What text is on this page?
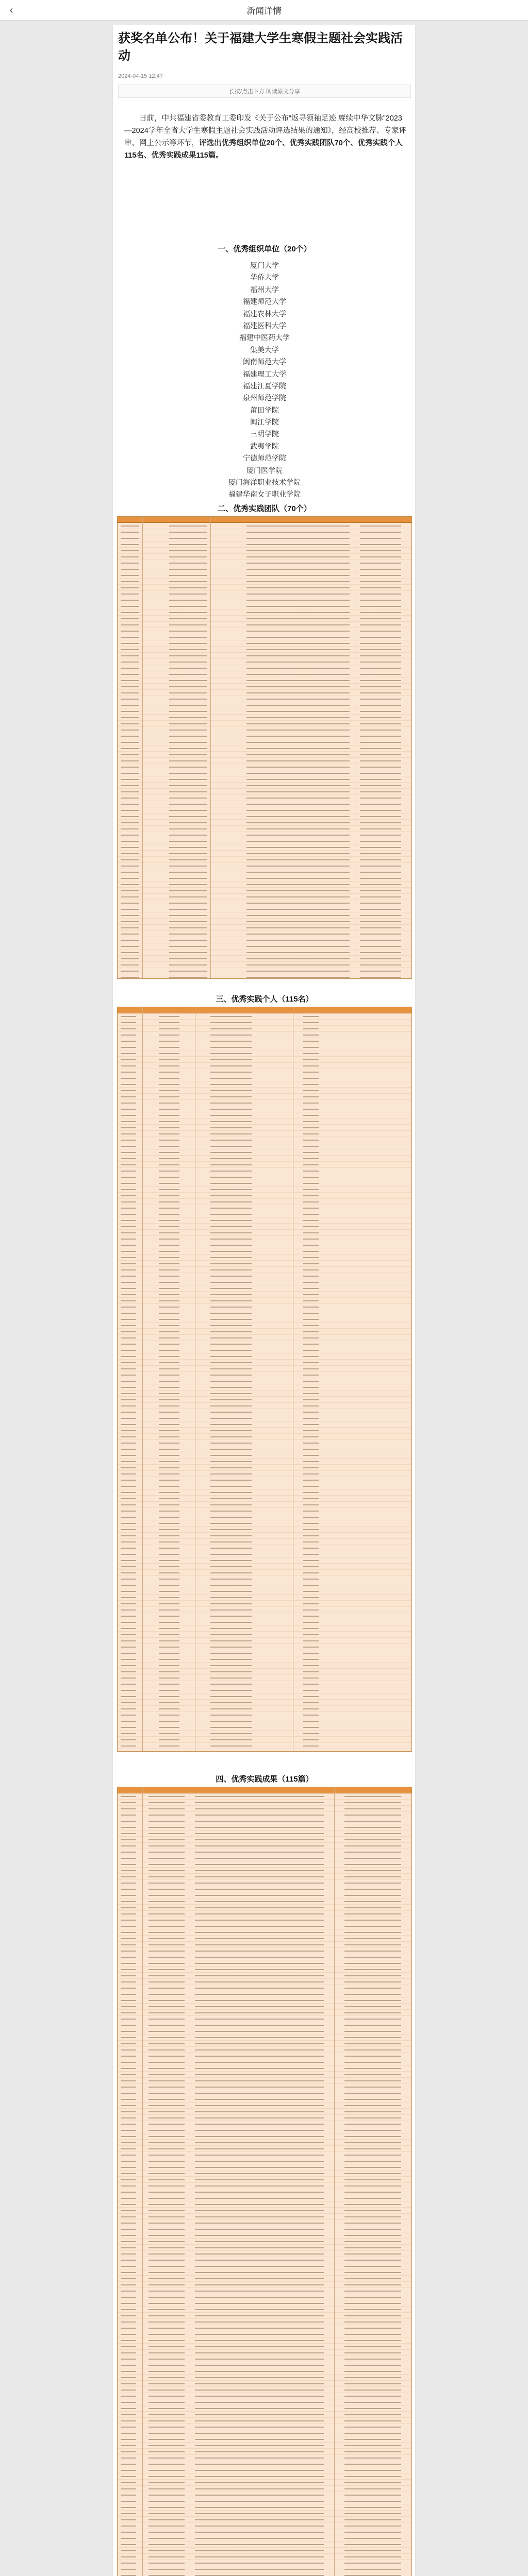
‹	新闻详情
获奖名单公布！关于福建大学生寒假主题社会实践活动
2024-04-15 12:47
长按/点击下方 阅读原文分享

日前，中共福建省委教育工委印发《关于公布“返寻领袖足迹 赓续中华文脉”2023—2024学年全省大学生寒假主题社会实践活动评选结果的通知》，经高校推荐、专家评审、网上公示等环节，评选出优秀组织单位20个、优秀实践团队70个、优秀实践个人115名、优秀实践成果115篇。

一、优秀组织单位（20个）
厦门大学
华侨大学
福州大学
福建师范大学
福建农林大学
福建医科大学
福建中医药大学
集美大学
闽南师范大学
福建理工大学
福建江夏学院
泉州师范学院
莆田学院
闽江学院
三明学院
武夷学院
宁德师范学院
厦门医学院
厦门海洋职业技术学院
福建华南女子职业学院
二、优秀实践团队（70个）
三、优秀实践个人（115名）
四、优秀实践成果（115篇）
